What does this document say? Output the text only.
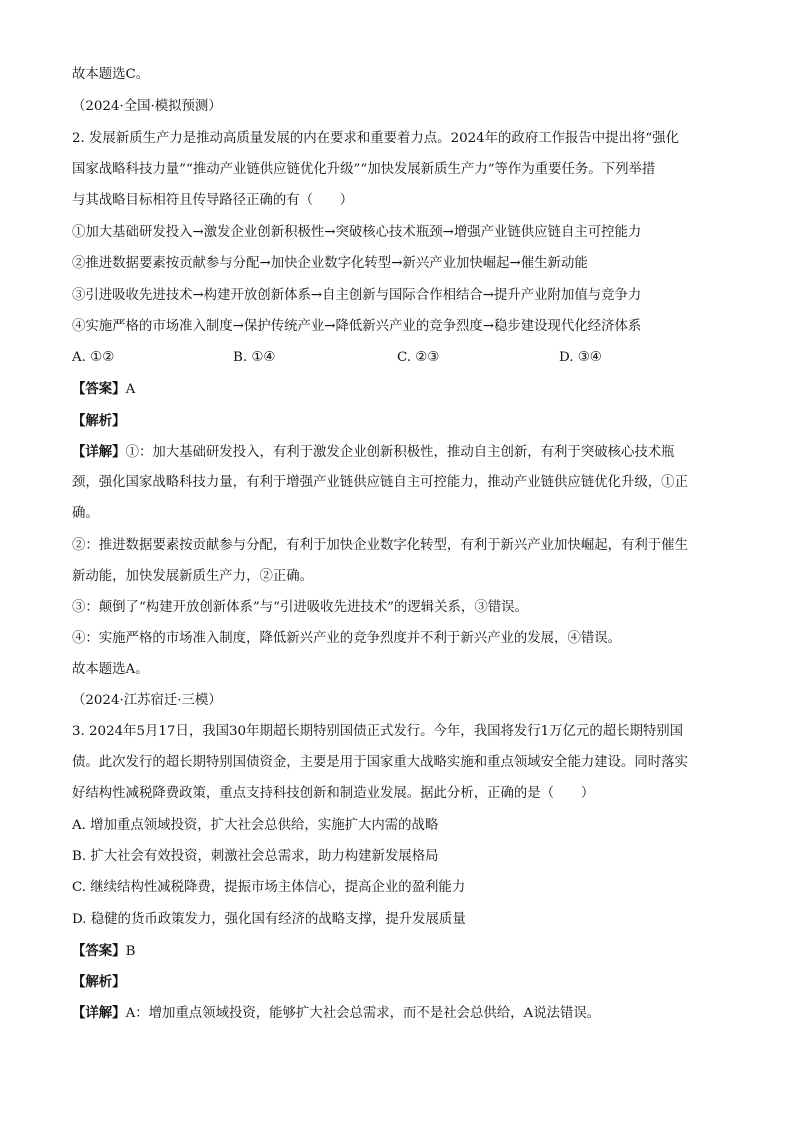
故本题选C。
（2024·全国·模拟预测）
2. 发展新质生产力是推动高质量发展的内在要求和重要着力点。2024年的政府工作报告中提出将“强化
国家战略科技力量”“推动产业链供应链优化升级”“加快发展新质生产力”等作为重要任务。下列举措
与其战略目标相符且传导路径正确的有（　　）
①加大基础研发投入→激发企业创新积极性→突破核心技术瓶颈→增强产业链供应链自主可控能力
②推进数据要素按贡献参与分配→加快企业数字化转型→新兴产业加快崛起→催生新动能
③引进吸收先进技术→构建开放创新体系→自主创新与国际合作相结合→提升产业附加值与竞争力
④实施严格的市场准入制度→保护传统产业→降低新兴产业的竞争烈度→稳步建设现代化经济体系
A. ①②	B. ①④	C. ②③	D. ③④
【答案】A
【解析】
【详解】①：加大基础研发投入，有利于激发企业创新积极性，推动自主创新，有利于突破核心技术瓶
颈，强化国家战略科技力量，有利于增强产业链供应链自主可控能力，推动产业链供应链优化升级，①正
确。
②：推进数据要素按贡献参与分配，有利于加快企业数字化转型，有利于新兴产业加快崛起，有利于催生
新动能，加快发展新质生产力，②正确。
③：颠倒了“构建开放创新体系”与“引进吸收先进技术”的逻辑关系，③错误。
④：实施严格的市场准入制度，降低新兴产业的竞争烈度并不利于新兴产业的发展，④错误。
故本题选A。
（2024·江苏宿迁·三模）
3. 2024年5月17日，我国30年期超长期特别国债正式发行。今年，我国将发行1万亿元的超长期特别国
债。此次发行的超长期特别国债资金，主要是用于国家重大战略实施和重点领域安全能力建设。同时落实
好结构性减税降费政策，重点支持科技创新和制造业发展。据此分析，正确的是（　　）
A. 增加重点领域投资，扩大社会总供给，实施扩大内需的战略
B. 扩大社会有效投资，刺激社会总需求，助力构建新发展格局
C. 继续结构性减税降费，提振市场主体信心，提高企业的盈利能力
D. 稳健的货币政策发力，强化国有经济的战略支撑，提升发展质量
【答案】B
【解析】
【详解】A：增加重点领域投资，能够扩大社会总需求，而不是社会总供给，A说法错误。
